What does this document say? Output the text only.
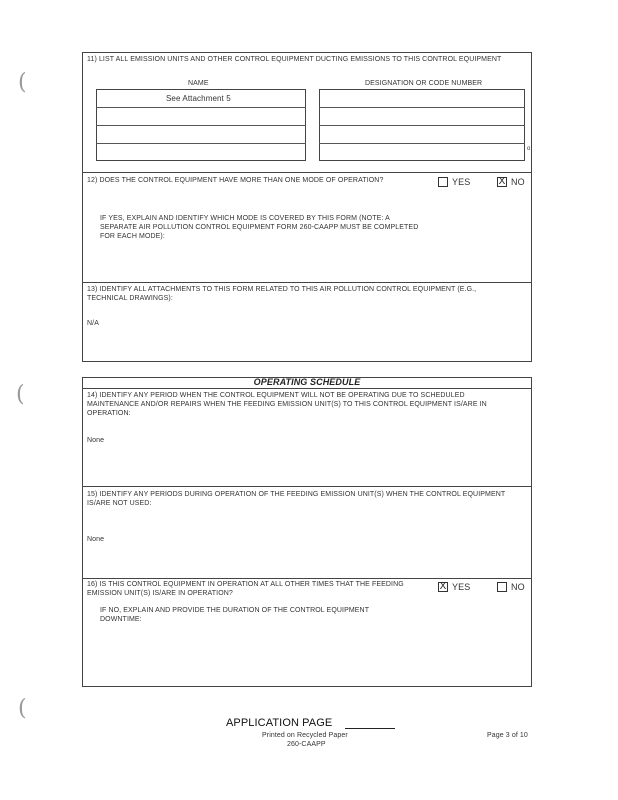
(
(
(
11) LIST ALL EMISSION UNITS AND OTHER CONTROL EQUIPMENT DUCTING EMISSIONS TO THIS CONTROL EQUIPMENT
NAME	DESIGNATION OR CODE NUMBER
See Attachment 5
o
12) DOES THE CONTROL EQUIPMENT HAVE MORE THAN ONE MODE OF OPERATION?	YES	X NO
IF YES, EXPLAIN AND IDENTIFY WHICH MODE IS COVERED BY THIS FORM (NOTE: A SEPARATE AIR POLLUTION CONTROL EQUIPMENT FORM 260-CAAPP MUST BE COMPLETED FOR EACH MODE):
13) IDENTIFY ALL ATTACHMENTS TO THIS FORM RELATED TO THIS AIR POLLUTION CONTROL EQUIPMENT (E.G., TECHNICAL DRAWINGS):
N/A
OPERATING SCHEDULE
14) IDENTIFY ANY PERIOD WHEN THE CONTROL EQUIPMENT WILL NOT BE OPERATING DUE TO SCHEDULED MAINTENANCE AND/OR REPAIRS WHEN THE FEEDING EMISSION UNIT(S) TO THIS CONTROL EQUIPMENT IS/ARE IN OPERATION:
None
15) IDENTIFY ANY PERIODS DURING OPERATION OF THE FEEDING EMISSION UNIT(S) WHEN THE CONTROL EQUIPMENT IS/ARE NOT USED:
None
16) IS THIS CONTROL EQUIPMENT IN OPERATION AT ALL OTHER TIMES THAT THE FEEDING EMISSION UNIT(S) IS/ARE IN OPERATION?
X YES	NO
IF NO, EXPLAIN AND PROVIDE THE DURATION OF THE CONTROL EQUIPMENT DOWNTIME:
APPLICATION PAGE
Printed on Recycled Paper
260-CAAPP
Page 3 of 10
